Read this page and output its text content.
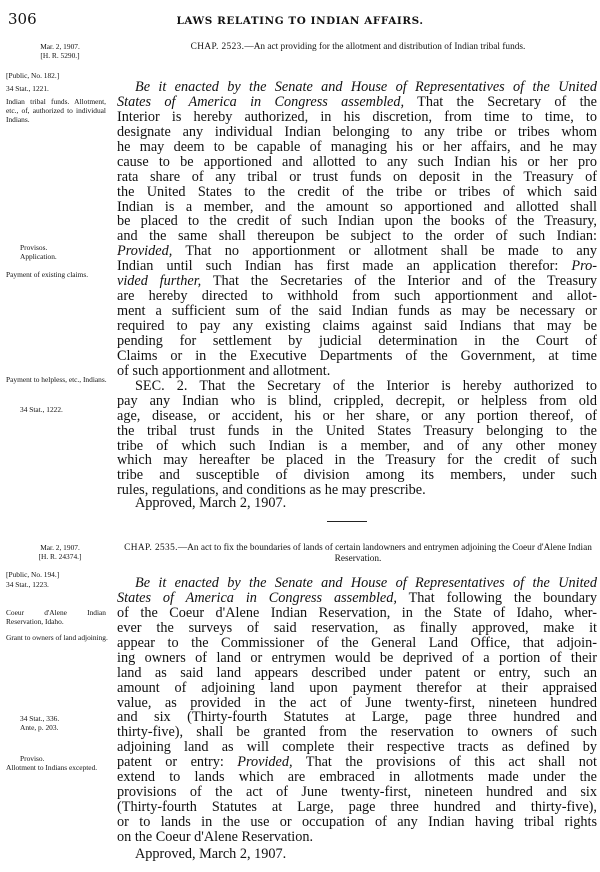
306	LAWS RELATING TO INDIAN AFFAIRS.
Mar. 2, 1907.
[H. R. 5290.]
[Public, No. 182.]
34 Stat., 1221.
Indian tribal funds. Allotment, etc., of, authorized to individual Indians.
Provisos.
Application.
Payment of existing claims.
Payment to helpless, etc., Indians.
34 Stat., 1222.
CHAP. 2523.—An act providing for the allotment and distribution of Indian tribal funds.
Be it enacted by the Senate and House of Representatives of the United
States of America in Congress assembled, That the Secretary of the
Interior is hereby authorized, in his discretion, from time to time, to
designate any individual Indian belonging to any tribe or tribes whom
he may deem to be capable of managing his or her affairs, and he may
cause to be apportioned and allotted to any such Indian his or her pro
rata share of any tribal or trust funds on deposit in the Treasury of
the United States to the credit of the tribe or tribes of which said
Indian is a member, and the amount so apportioned and allotted shall
be placed to the credit of such Indian upon the books of the Treasury,
and the same shall thereupon be subject to the order of such Indian:
Provided, That no apportionment or allotment shall be made to any
Indian until such Indian has first made an application therefor: Pro-
vided further, That the Secretaries of the Interior and of the Treasury
are hereby directed to withhold from such apportionment and allot-
ment a sufficient sum of the said Indian funds as may be necessary or
required to pay any existing claims against said Indians that may be
pending for settlement by judicial determination in the Court of
Claims or in the Executive Departments of the Government, at time
of such apportionment and allotment.
SEC. 2. That the Secretary of the Interior is hereby authorized to
pay any Indian who is blind, crippled, decrepit, or helpless from old
age, disease, or accident, his or her share, or any portion thereof, of
the tribal trust funds in the United States Treasury belonging to the
tribe of which such Indian is a member, and of any other money
which may hereafter be placed in the Treasury for the credit of such
tribe and susceptible of division among its members, under such
rules, regulations, and conditions as he may prescribe.
Approved, March 2, 1907.
Mar. 2, 1907.
[H. R. 24374.]
[Public, No. 194.]
34 Stat., 1223.
Coeur d'Alene Indian Reservation, Idaho.
Grant to owners of land adjoining.
34 Stat., 336.
Ante, p. 203.
Proviso.
Allotment to Indians excepted.
CHAP. 2535.—An act to fix the boundaries of lands of certain landowners and entrymen adjoining the Coeur d'Alene Indian Reservation.
Be it enacted by the Senate and House of Representatives of the United
States of America in Congress assembled, That following the boundary
of the Coeur d'Alene Indian Reservation, in the State of Idaho, wher-
ever the surveys of said reservation, as finally approved, make it
appear to the Commissioner of the General Land Office, that adjoin-
ing owners of land or entrymen would be deprived of a portion of their
land as said land appears described under patent or entry, such an
amount of adjoining land upon payment therefor at their appraised
value, as provided in the act of June twenty-first, nineteen hundred
and six (Thirty-fourth Statutes at Large, page three hundred and
thirty-five), shall be granted from the reservation to owners of such
adjoining land as will complete their respective tracts as defined by
patent or entry: Provided, That the provisions of this act shall not
extend to lands which are embraced in allotments made under the
provisions of the act of June twenty-first, nineteen hundred and six
(Thirty-fourth Statutes at Large, page three hundred and thirty-five),
or to lands in the use or occupation of any Indian having tribal rights
on the Coeur d'Alene Reservation.
Approved, March 2, 1907.
